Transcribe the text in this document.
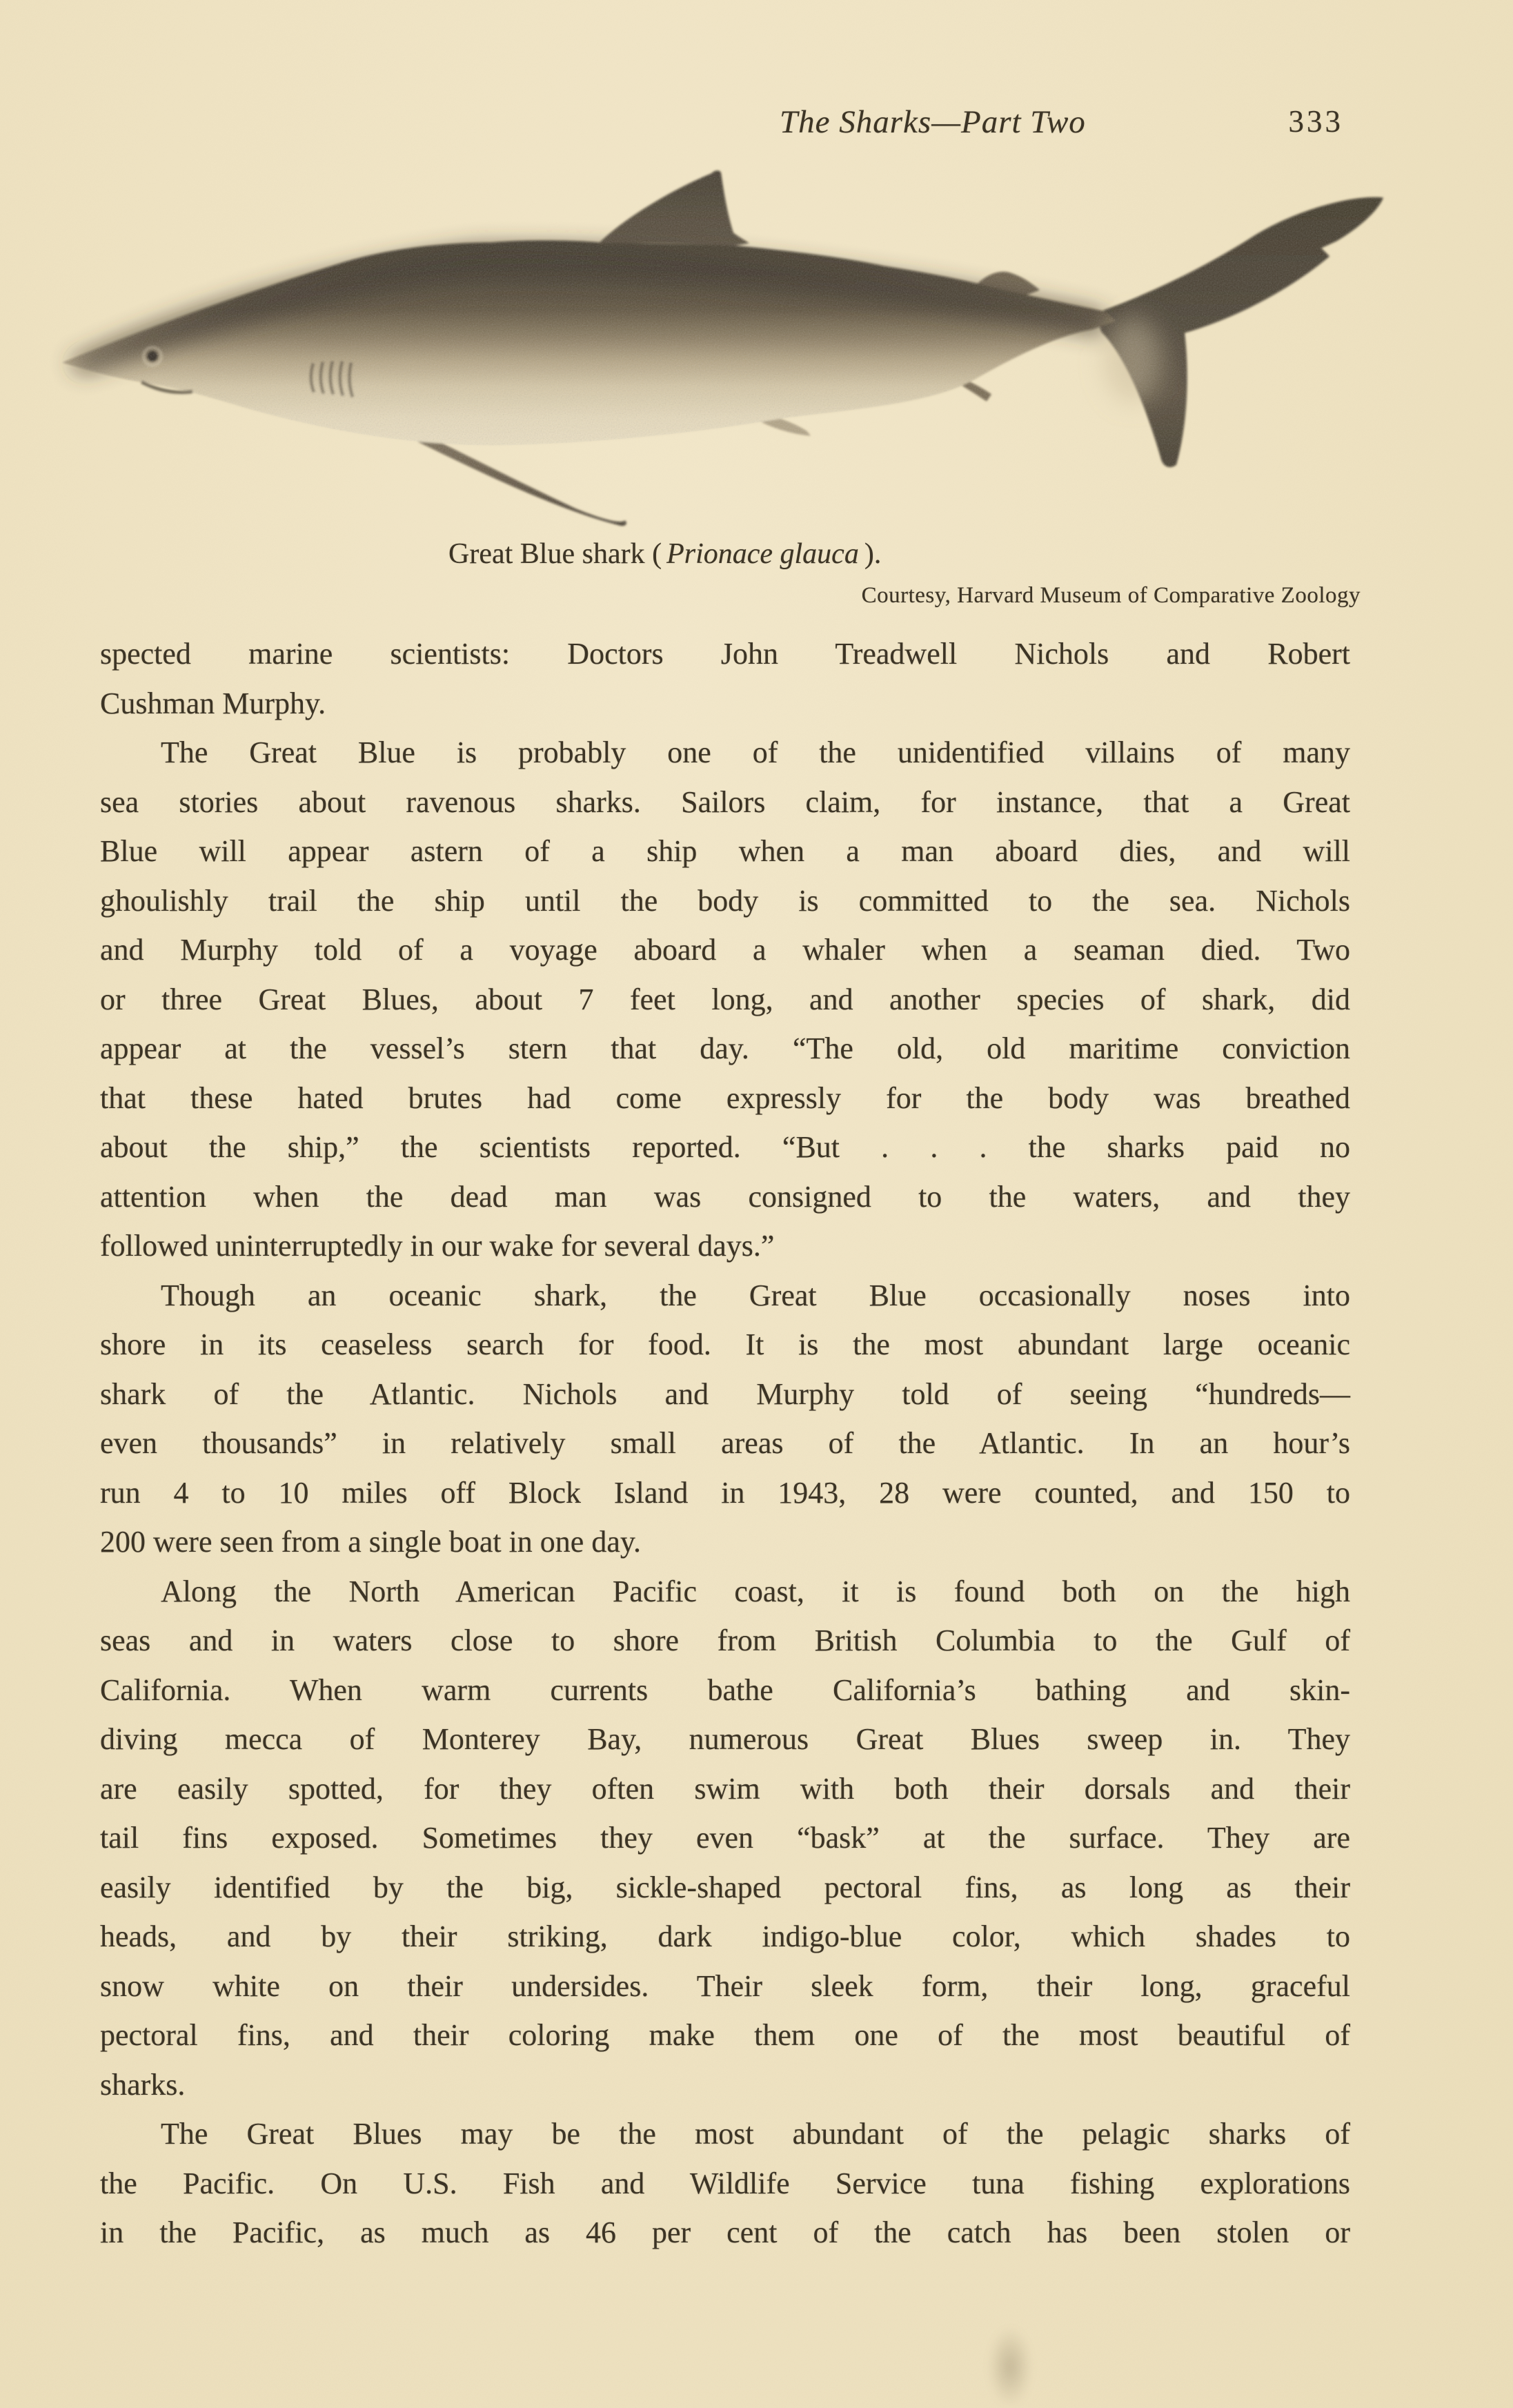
The Sharks—Part Two	333
Great Blue shark ( Prionace glauca ).
Courtesy, Harvard Museum of Comparative Zoology
spected marine scientists: Doctors John Treadwell Nichols and Robert
Cushman Murphy.
The Great Blue is probably one of the unidentified villains of many
sea stories about ravenous sharks. Sailors claim, for instance, that a Great
Blue will appear astern of a ship when a man aboard dies, and will
ghoulishly trail the ship until the body is committed to the sea. Nichols
and Murphy told of a voyage aboard a whaler when a seaman died. Two
or three Great Blues, about 7 feet long, and another species of shark, did
appear at the vessel’s stern that day. “The old, old maritime conviction
that these hated brutes had come expressly for the body was breathed
about the ship,” the scientists reported. “But . . . the sharks paid no
attention when the dead man was consigned to the waters, and they
followed uninterruptedly in our wake for several days.”
Though an oceanic shark, the Great Blue occasionally noses into
shore in its ceaseless search for food. It is the most abundant large oceanic
shark of the Atlantic. Nichols and Murphy told of seeing “hundreds—
even thousands” in relatively small areas of the Atlantic. In an hour’s
run 4 to 10 miles off Block Island in 1943, 28 were counted, and 150 to
200 were seen from a single boat in one day.
Along the North American Pacific coast, it is found both on the high
seas and in waters close to shore from British Columbia to the Gulf of
California. When warm currents bathe California’s bathing and skin-
diving mecca of Monterey Bay, numerous Great Blues sweep in. They
are easily spotted, for they often swim with both their dorsals and their
tail fins exposed. Sometimes they even “bask” at the surface. They are
easily identified by the big, sickle-shaped pectoral fins, as long as their
heads, and by their striking, dark indigo-blue color, which shades to
snow white on their undersides. Their sleek form, their long, graceful
pectoral fins, and their coloring make them one of the most beautiful of
sharks.
The Great Blues may be the most abundant of the pelagic sharks of
the Pacific. On U.S. Fish and Wildlife Service tuna fishing explorations
in the Pacific, as much as 46 per cent of the catch has been stolen or
